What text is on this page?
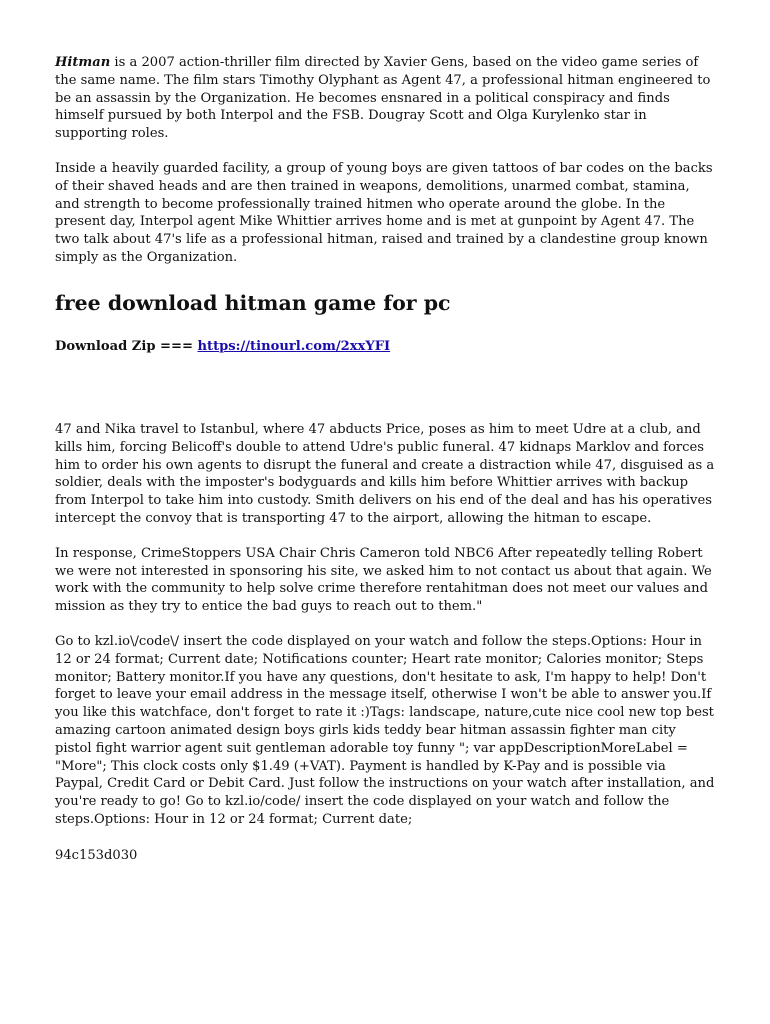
Hitman is a 2007 action-thriller film directed by Xavier Gens, based on the video game series of the same name. The film stars Timothy Olyphant as Agent 47, a professional hitman engineered to be an assassin by the Organization. He becomes ensnared in a political conspiracy and finds himself pursued by both Interpol and the FSB. Dougray Scott and Olga Kurylenko star in supporting roles.

Inside a heavily guarded facility, a group of young boys are given tattoos of bar codes on the backs of their shaved heads and are then trained in weapons, demolitions, unarmed combat, stamina, and strength to become professionally trained hitmen who operate around the globe. In the present day, Interpol agent Mike Whittier arrives home and is met at gunpoint by Agent 47. The two talk about 47's life as a professional hitman, raised and trained by a clandestine group known simply as the Organization.

free download hitman game for pc
Download Zip === https://tinourl.com/2xxYFI

47 and Nika travel to Istanbul, where 47 abducts Price, poses as him to meet Udre at a club, and kills him, forcing Belicoff's double to attend Udre's public funeral. 47 kidnaps Marklov and forces him to order his own agents to disrupt the funeral and create a distraction while 47, disguised as a soldier, deals with the imposter's bodyguards and kills him before Whittier arrives with backup from Interpol to take him into custody. Smith delivers on his end of the deal and has his operatives intercept the convoy that is transporting 47 to the airport, allowing the hitman to escape.

In response, CrimeStoppers USA Chair Chris Cameron told NBC6 After repeatedly telling Robert we were not interested in sponsoring his site, we asked him to not contact us about that again. We work with the community to help solve crime therefore rentahitman does not meet our values and mission as they try to entice the bad guys to reach out to them."

Go to kzl.io\/code\/ insert the code displayed on your watch and follow the steps.Options: Hour in 12 or 24 format; Current date; Notifications counter; Heart rate monitor; Calories monitor; Steps monitor; Battery monitor.If you have any questions, don't hesitate to ask, I'm happy to help! Don't forget to leave your email address in the message itself, otherwise I won't be able to answer you.If you like this watchface, don't forget to rate it :)Tags: landscape, nature,cute nice cool new top best amazing cartoon animated design boys girls kids teddy bear hitman assassin fighter man city pistol fight warrior agent suit gentleman adorable toy funny "; var appDescriptionMoreLabel = "More"; This clock costs only $1.49 (+VAT). Payment is handled by K-Pay and is possible via Paypal, Credit Card or Debit Card. Just follow the instructions on your watch after installation, and you're ready to go! Go to kzl.io/code/ insert the code displayed on your watch and follow the steps.Options: Hour in 12 or 24 format; Current date;

94c153d030
